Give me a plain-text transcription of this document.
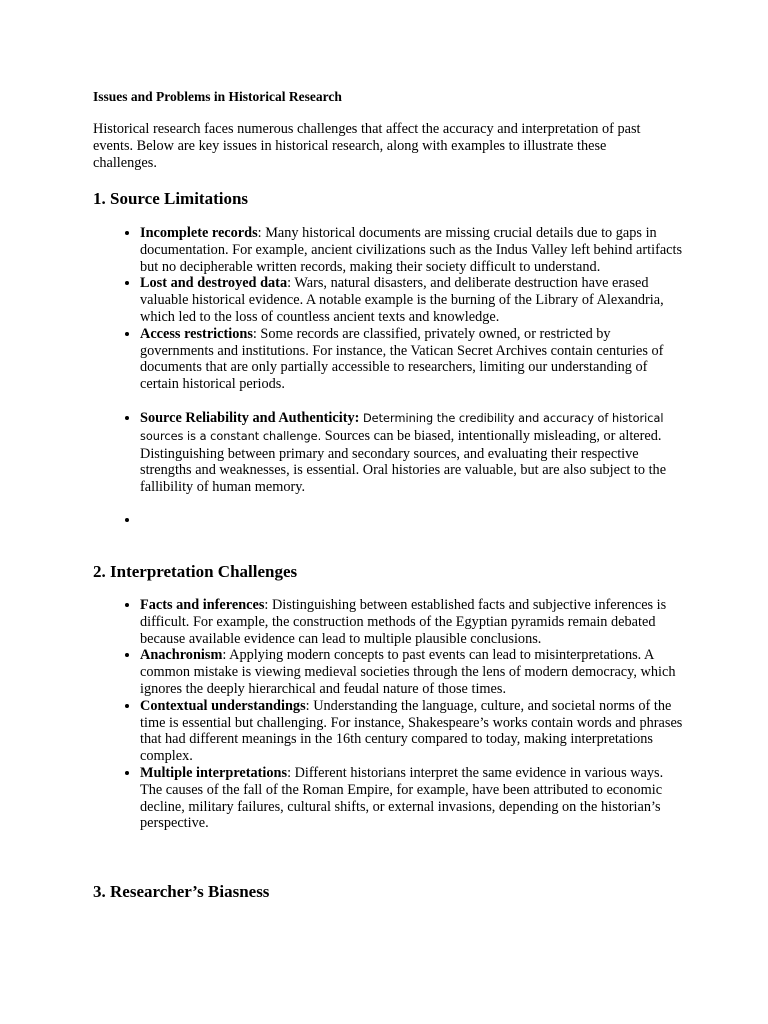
Issues and Problems in Historical Research

Historical research faces numerous challenges that affect the accuracy and interpretation of past events. Below are key issues in historical research, along with examples to illustrate these challenges.

1. Source Limitations
• Incomplete records: Many historical documents are missing crucial details due to gaps in documentation. For example, ancient civilizations such as the Indus Valley left behind artifacts but no decipherable written records, making their society difficult to understand.
• Lost and destroyed data: Wars, natural disasters, and deliberate destruction have erased valuable historical evidence. A notable example is the burning of the Library of Alexandria, which led to the loss of countless ancient texts and knowledge.
• Access restrictions: Some records are classified, privately owned, or restricted by governments and institutions. For instance, the Vatican Secret Archives contain centuries of documents that are only partially accessible to researchers, limiting our understanding of certain historical periods.
• Source Reliability and Authenticity: Determining the credibility and accuracy of historical sources is a constant challenge. Sources can be biased, intentionally misleading, or altered. Distinguishing between primary and secondary sources, and evaluating their respective strengths and weaknesses, is essential. Oral histories are valuable, but are also subject to the fallibility of human memory.
•
2. Interpretation Challenges
• Facts and inferences: Distinguishing between established facts and subjective inferences is difficult. For example, the construction methods of the Egyptian pyramids remain debated because available evidence can lead to multiple plausible conclusions.
• Anachronism: Applying modern concepts to past events can lead to misinterpretations. A common mistake is viewing medieval societies through the lens of modern democracy, which ignores the deeply hierarchical and feudal nature of those times.
• Contextual understandings: Understanding the language, culture, and societal norms of the time is essential but challenging. For instance, Shakespeare’s works contain words and phrases that had different meanings in the 16th century compared to today, making interpretations complex.
• Multiple interpretations: Different historians interpret the same evidence in various ways. The causes of the fall of the Roman Empire, for example, have been attributed to economic decline, military failures, cultural shifts, or external invasions, depending on the historian’s perspective.
3. Researcher’s Biasness
